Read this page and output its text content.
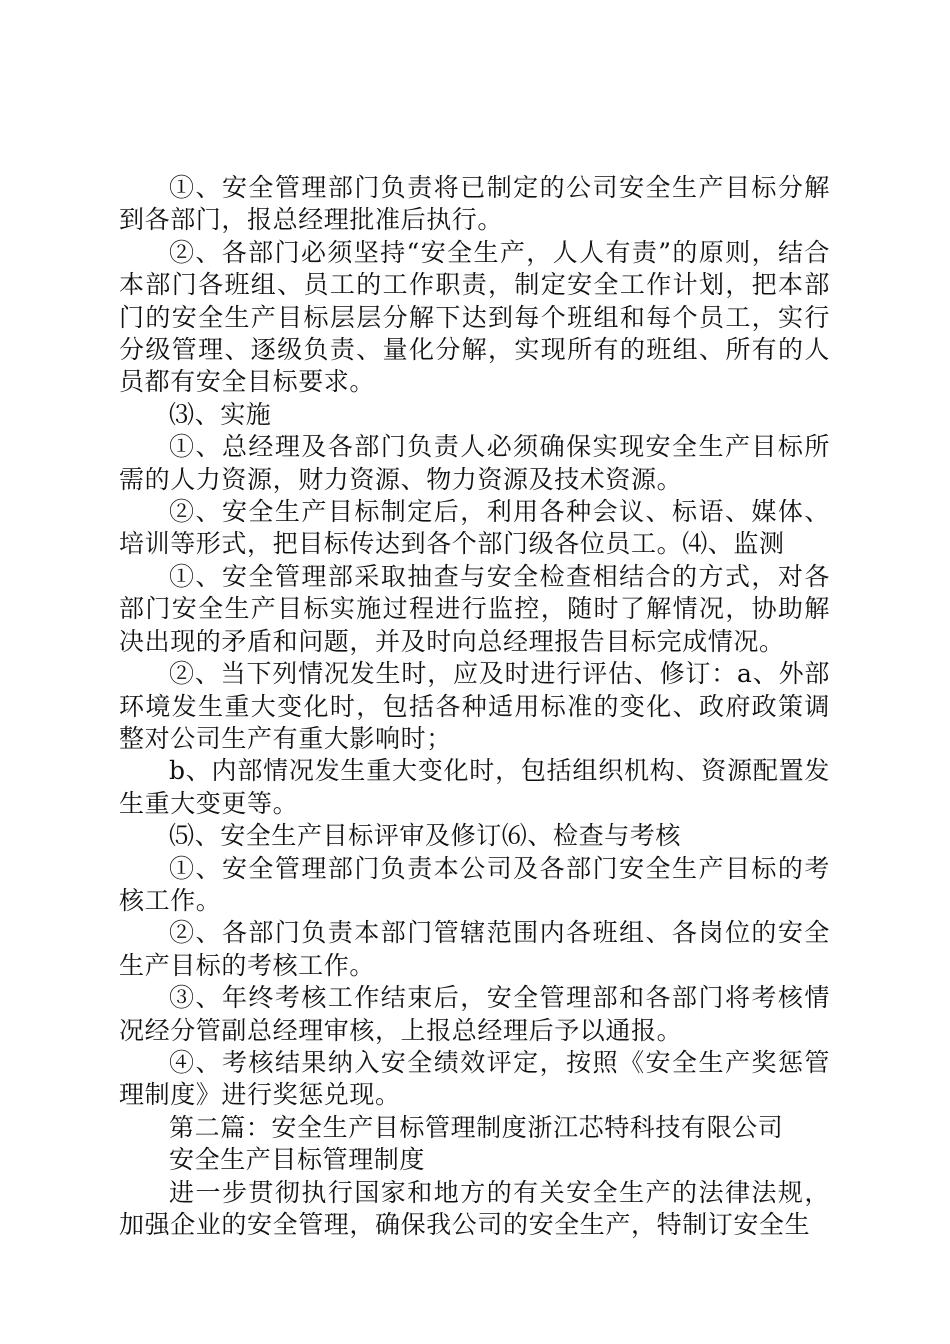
①、安全管理部门负责将已制定的公司安全生产目标分解到各部门，报总经理批准后执行。

②、各部门必须坚持“安全生产，人人有责”的原则，结合本部门各班组、员工的工作职责，制定安全工作计划，把本部门的安全生产目标层层分解下达到每个班组和每个员工，实行分级管理、逐级负责、量化分解，实现所有的班组、所有的人员都有安全目标要求。

⑶、实施

①、总经理及各部门负责人必须确保实现安全生产目标所需的人力资源，财力资源、物力资源及技术资源。

②、安全生产目标制定后，利用各种会议、标语、媒体、培训等形式，把目标传达到各个部门级各位员工。⑷、监测

①、安全管理部采取抽查与安全检查相结合的方式，对各部门安全生产目标实施过程进行监控，随时了解情况，协助解决出现的矛盾和问题，并及时向总经理报告目标完成情况。

②、当下列情况发生时，应及时进行评估、修订：a、外部环境发生重大变化时，包括各种适用标准的变化、政府政策调整对公司生产有重大影响时；

b、内部情况发生重大变化时，包括组织机构、资源配置发生重大变更等。

⑸、安全生产目标评审及修订⑹、检查与考核

①、安全管理部门负责本公司及各部门安全生产目标的考核工作。

②、各部门负责本部门管辖范围内各班组、各岗位的安全生产目标的考核工作。

③、年终考核工作结束后，安全管理部和各部门将考核情况经分管副总经理审核，上报总经理后予以通报。

④、考核结果纳入安全绩效评定，按照《安全生产奖惩管理制度》进行奖惩兑现。

第二篇：安全生产目标管理制度浙江芯特科技有限公司

安全生产目标管理制度

进一步贯彻执行国家和地方的有关安全生产的法律法规，加强企业的安全管理，确保我公司的安全生产，特制订安全生
